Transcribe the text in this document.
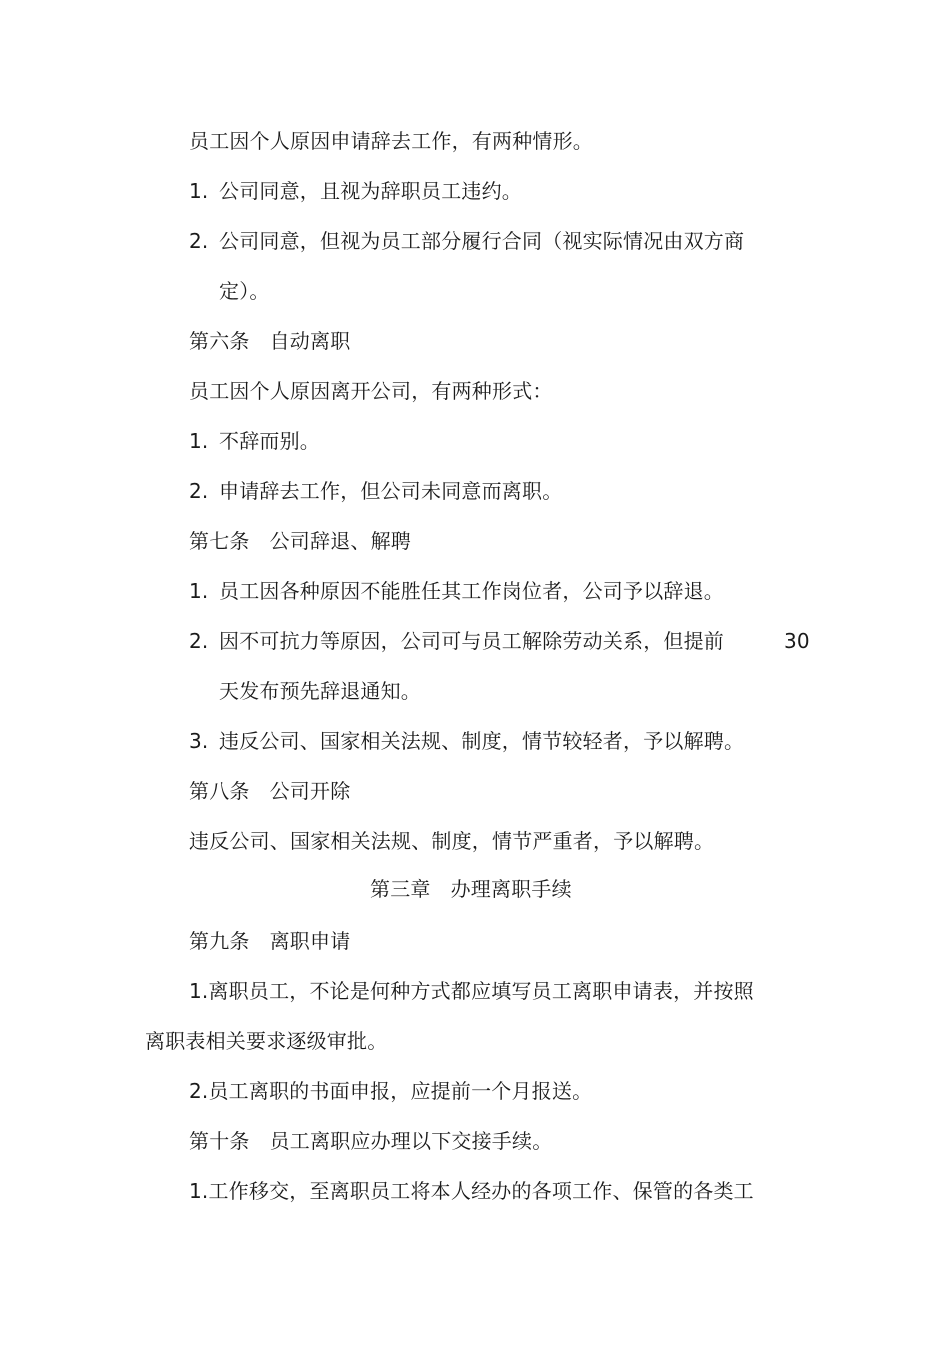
员工因个人原因申请辞去工作，有两种情形。
1. 公司同意，且视为辞职员工违约。
2. 公司同意，但视为员工部分履行合同（视实际情况由双方商
定）。
第六条 自动离职
员工因个人原因离开公司，有两种形式：
1. 不辞而别。
2. 申请辞去工作，但公司未同意而离职。
第七条 公司辞退、解聘
1. 员工因各种原因不能胜任其工作岗位者，公司予以辞退。
2. 因不可抗力等原因，公司可与员工解除劳动关系，但提前	30
天发布预先辞退通知。
3. 违反公司、国家相关法规、制度，情节较轻者，予以解聘。
第八条 公司开除
违反公司、国家相关法规、制度，情节严重者，予以解聘。
第三章 办理离职手续
第九条 离职申请
1.离职员工，不论是何种方式都应填写员工离职申请表，并按照
离职表相关要求逐级审批。
2.员工离职的书面申报，应提前一个月报送。
第十条 员工离职应办理以下交接手续。
1.工作移交，至离职员工将本人经办的各项工作、保管的各类工
